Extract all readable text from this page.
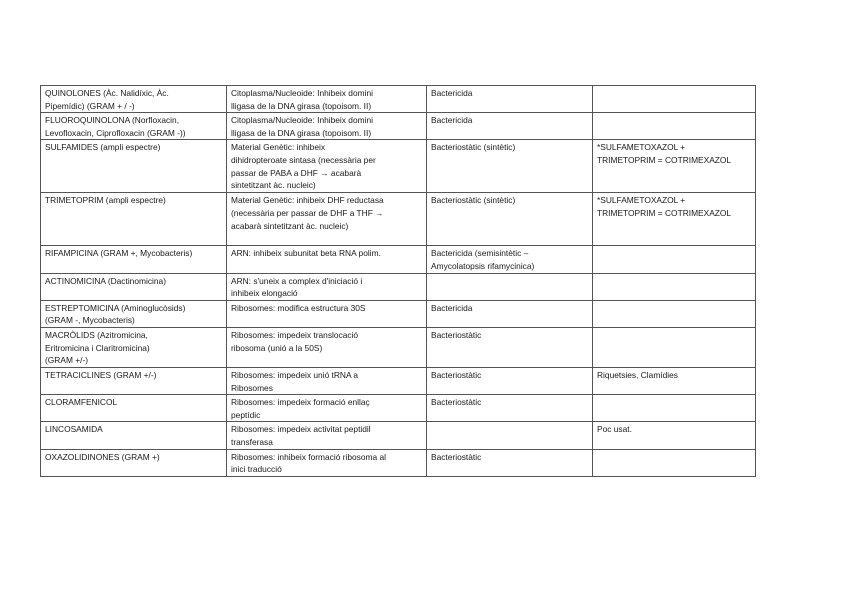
QUINOLONES (Àc. Nalidíxic, Àc.
Pipemídic) (GRAM + / -)	Citoplasma/Nucleoide: Inhibeix domini
lligasa de la DNA girasa (topoisom. II)	Bactericida	
FLUOROQUINOLONA (Norfloxacin,
Levofloxacin, Ciprofloxacin (GRAM -))	Citoplasma/Nucleoide: Inhibeix domini
lligasa de la DNA girasa (topoisom. II)	Bactericida	
SULFAMIDES (ampli espectre)	Material Genètic: inhibeix
dihidropteroate sintasa (necessària per
passar de PABA a DHF → acabarà
sintetitzant àc. nucleic)	Bacteriostàtic (sintètic)	*SULFAMETOXAZOL +
TRIMETOPRIM = COTRIMEXAZOL
TRIMETOPRIM (ampli espectre)	Material Genètic: inhibeix DHF reductasa
(necessària per passar de DHF a THF →
acabarà sintetitzant àc. nucleic)	Bacteriostàtic (sintètic)	*SULFAMETOXAZOL +
TRIMETOPRIM = COTRIMEXAZOL
RIFAMPICINA (GRAM +, Mycobacteris)	ARN: inhibeix subunitat beta RNA polim.	Bactericida (semisintètic –
Amycolatopsis rifamycinica)	
ACTINOMICINA (Dactinomicina)	ARN: s'uneix a complex d'iniciació i
inhibeix elongació		
ESTREPTOMICINA (Aminoglucòsids)
(GRAM -, Mycobacteris)	Ribosomes: modifica estructura 30S	Bactericida	
MACRÒLIDS (Azitromicina,
Eritromicina i Claritromicina)
(GRAM +/-)	Ribosomes: impedeix translocació
ribosoma (unió a la 50S)	Bacteriostàtic	
TETRACICLINES (GRAM +/-)	Ribosomes: impedeix unió tRNA a
Ribosomes	Bacteriostàtic	Riquetsies, Clamídies
CLORAMFENICOL	Ribosomes: impedeix formació enllaç
peptídic	Bacteriostàtic	
LINCOSAMIDA	Ribosomes: impedeix activitat peptidil
transferasa		Poc usat.
OXAZOLIDINONES (GRAM +)	Ribosomes: inhibeix formació ribosoma al
inici traducció	Bacteriostàtic	
